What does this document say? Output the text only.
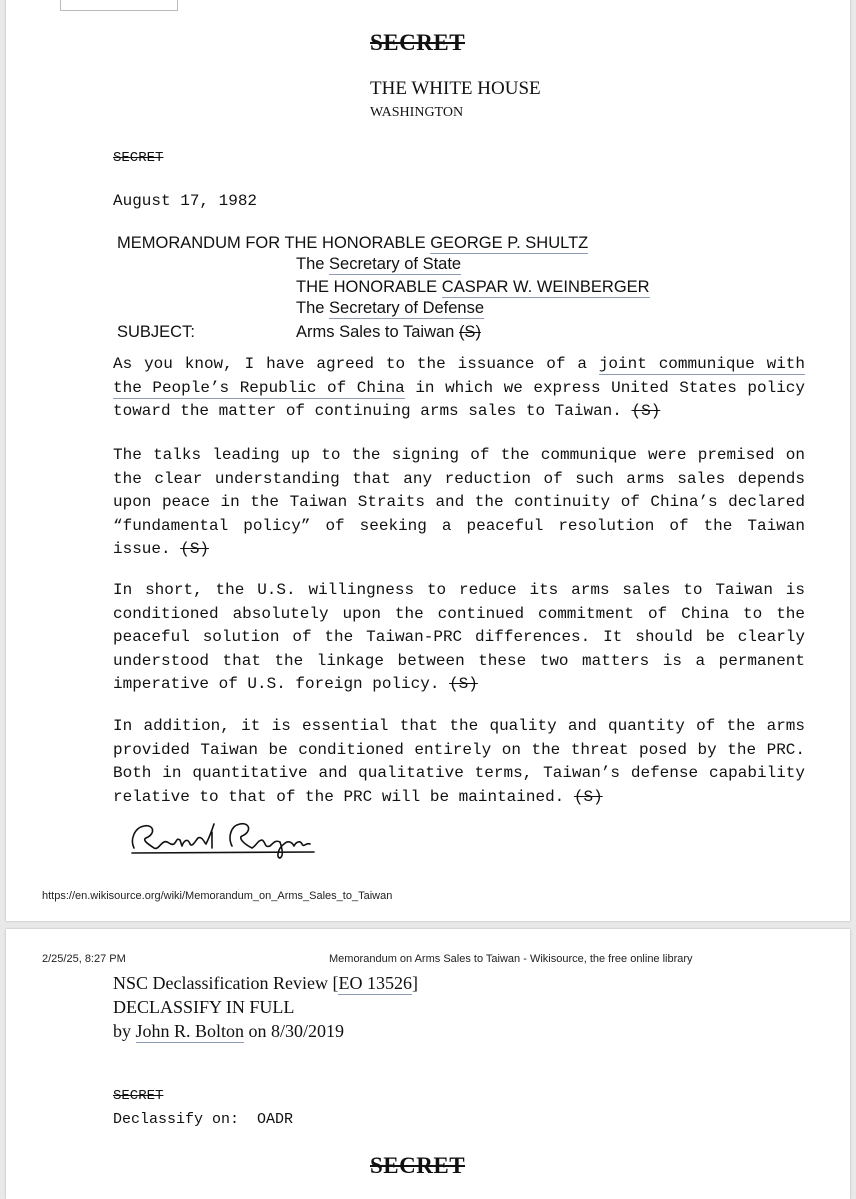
SECRET
THE WHITE HOUSE
WASHINGTON
SECRET
August 17, 1982
MEMORANDUM FOR THE HONORABLE GEORGE P. SHULTZ
The Secretary of State
THE HONORABLE CASPAR W. WEINBERGER
The Secretary of Defense
SUBJECT:	Arms Sales to Taiwan (S)
As you know, I have agreed to the issuance of a joint communique with the People’s Republic of China in which we express United States policy toward the matter of continuing arms sales to Taiwan. (S)
The talks leading up to the signing of the communique were premised on the clear understanding that any reduction of such arms sales depends upon peace in the Taiwan Straits and the continuity of China’s declared “fundamental policy” of seeking a peaceful resolution of the Taiwan issue. (S)
In short, the U.S. willingness to reduce its arms sales to Taiwan is conditioned absolutely upon the continued commitment of China to the peaceful solution of the Taiwan-PRC differences. It should be clearly understood that the linkage between these two matters is a permanent imperative of U.S. foreign policy. (S)
In addition, it is essential that the quality and quantity of the arms provided Taiwan be conditioned entirely on the threat posed by the PRC. Both in quantitative and qualitative terms, Taiwan’s defense capability relative to that of the PRC will be maintained. (S)
https://en.wikisource.org/wiki/Memorandum_on_Arms_Sales_to_Taiwan
2/25/25, 8:27 PM	Memorandum on Arms Sales to Taiwan - Wikisource, the free online library
NSC Declassification Review [EO 13526]
DECLASSIFY IN FULL
by John R. Bolton on 8/30/2019
SECRET
Declassify on: OADR
SECRET
